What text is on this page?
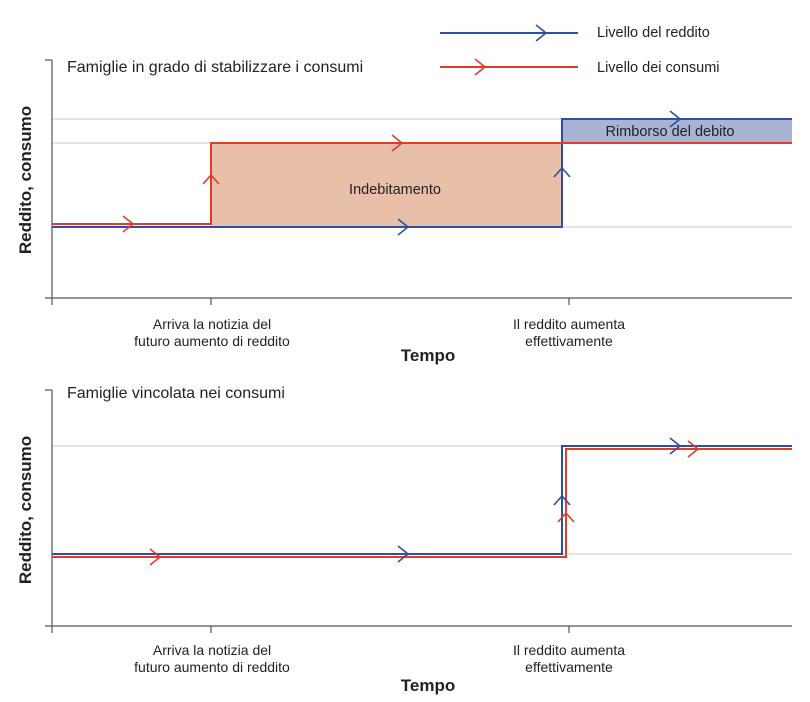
Livello del reddito
Livello dei consumi
Famiglie in grado di stabilizzare i consumi
Indebitamento
Rimborso del debito
Reddito, consumo
Arriva la notizia del futuro aumento di reddito
Il reddito aumenta effettivamente
Tempo
Famiglie vincolata nei consumi
Reddito, consumo
Arriva la notizia del futuro aumento di reddito
Il reddito aumenta effettivamente
Tempo
